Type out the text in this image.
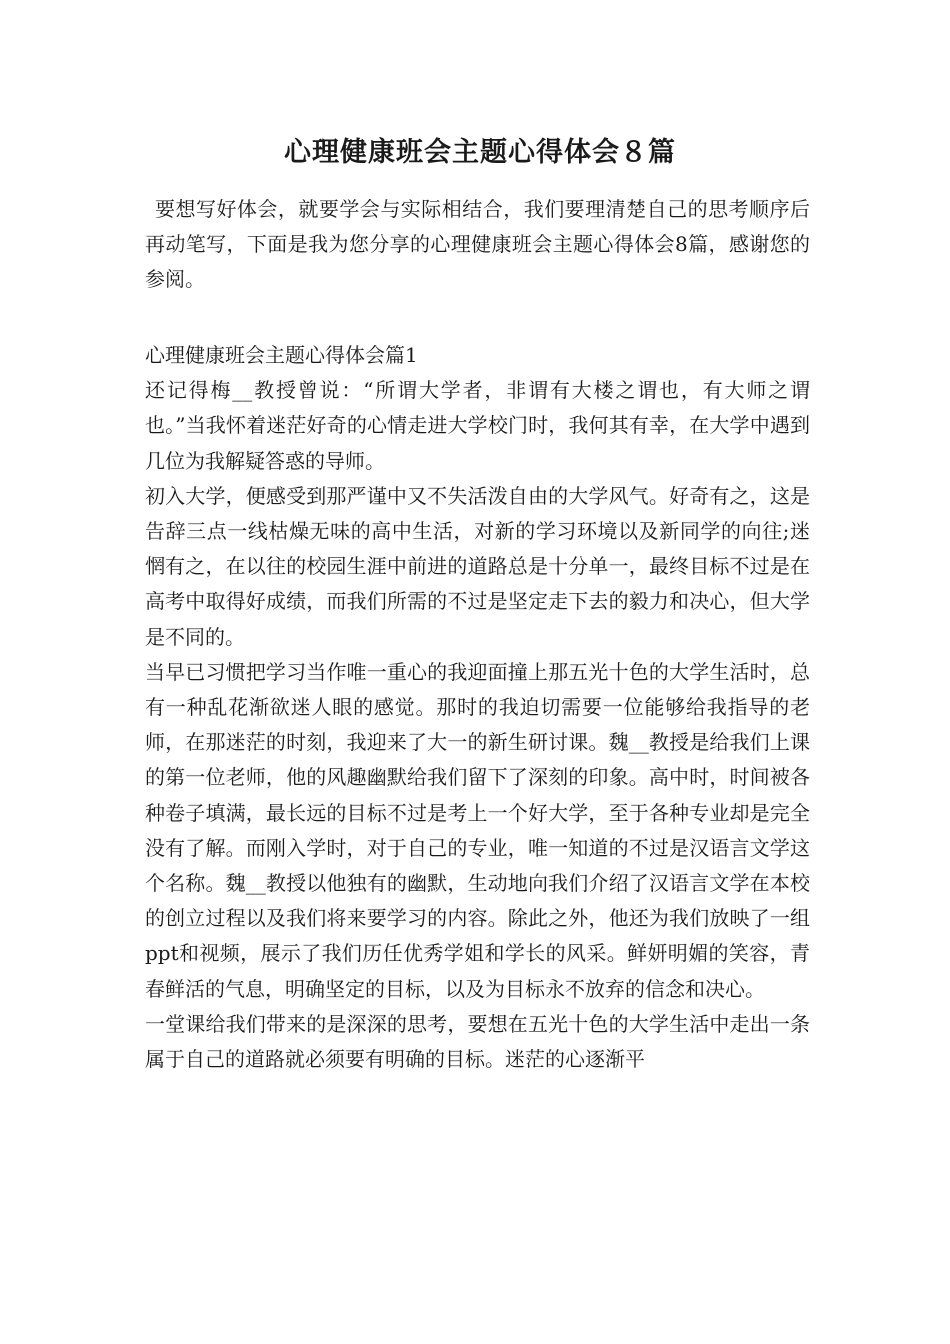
心理健康班会主题心得体会８篇

要想写好体会，就要学会与实际相结合，我们要理清楚自己的思考顺序后再动笔写，下面是我为您分享的心理健康班会主题心得体会8篇，感谢您的参阅。

心理健康班会主题心得体会篇1

还记得梅__教授曾说：“所谓大学者，非谓有大楼之谓也，有大师之谓也。”当我怀着迷茫好奇的心情走进大学校门时，我何其有幸，在大学中遇到几位为我解疑答惑的导师。

初入大学，便感受到那严谨中又不失活泼自由的大学风气。好奇有之，这是告辞三点一线枯燥无味的高中生活，对新的学习环境以及新同学的向往;迷惘有之，在以往的校园生涯中前进的道路总是十分单一，最终目标不过是在高考中取得好成绩，而我们所需的不过是坚定走下去的毅力和决心，但大学是不同的。

当早已习惯把学习当作唯一重心的我迎面撞上那五光十色的大学生活时，总有一种乱花渐欲迷人眼的感觉。那时的我迫切需要一位能够给我指导的老师，在那迷茫的时刻，我迎来了大一的新生研讨课。魏__教授是给我们上课的第一位老师，他的风趣幽默给我们留下了深刻的印象。高中时，时间被各种卷子填满，最长远的目标不过是考上一个好大学，至于各种专业却是完全没有了解。而刚入学时，对于自己的专业，唯一知道的不过是汉语言文学这个名称。魏__教授以他独有的幽默，生动地向我们介绍了汉语言文学在本校的创立过程以及我们将来要学习的内容。除此之外，他还为我们放映了一组ppt和视频，展示了我们历任优秀学姐和学长的风采。鲜妍明媚的笑容，青春鲜活的气息，明确坚定的目标，以及为目标永不放弃的信念和决心。

一堂课给我们带来的是深深的思考，要想在五光十色的大学生活中走出一条属于自己的道路就必须要有明确的目标。迷茫的心逐渐平
